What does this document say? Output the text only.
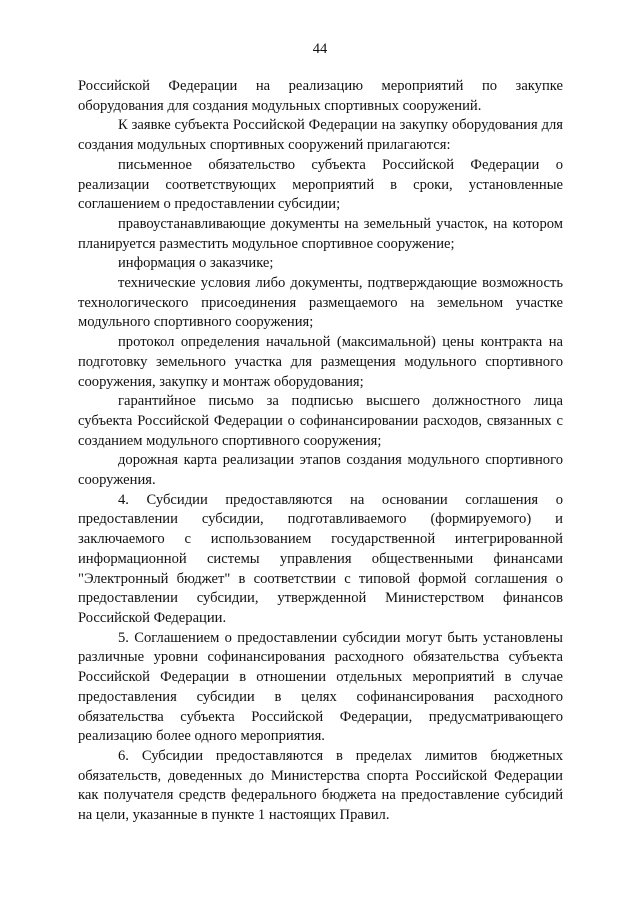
44

Российской Федерации на реализацию мероприятий по закупке оборудования для создания модульных спортивных сооружений.

К заявке субъекта Российской Федерации на закупку оборудования для создания модульных спортивных сооружений прилагаются:

письменное обязательство субъекта Российской Федерации о реализации соответствующих мероприятий в сроки, установленные соглашением о предоставлении субсидии;

правоустанавливающие документы на земельный участок, на котором планируется разместить модульное спортивное сооружение;

информация о заказчике;

технические условия либо документы, подтверждающие возможность технологического присоединения размещаемого на земельном участке модульного спортивного сооружения;

протокол определения начальной (максимальной) цены контракта на подготовку земельного участка для размещения модульного спортивного сооружения, закупку и монтаж оборудования;

гарантийное письмо за подписью высшего должностного лица субъекта Российской Федерации о софинансировании расходов, связанных с созданием модульного спортивного сооружения;

дорожная карта реализации этапов создания модульного спортивного сооружения.

4. Субсидии предоставляются на основании соглашения о предоставлении субсидии, подготавливаемого (формируемого) и заключаемого с использованием государственной интегрированной информационной системы управления общественными финансами "Электронный бюджет" в соответствии с типовой формой соглашения о предоставлении субсидии, утвержденной Министерством финансов Российской Федерации.

5. Соглашением о предоставлении субсидии могут быть установлены различные уровни софинансирования расходного обязательства субъекта Российской Федерации в отношении отдельных мероприятий в случае предоставления субсидии в целях софинансирования расходного обязательства субъекта Российской Федерации, предусматривающего реализацию более одного мероприятия.

6. Субсидии предоставляются в пределах лимитов бюджетных обязательств, доведенных до Министерства спорта Российской Федерации как получателя средств федерального бюджета на предоставление субсидий на цели, указанные в пункте 1 настоящих Правил.
